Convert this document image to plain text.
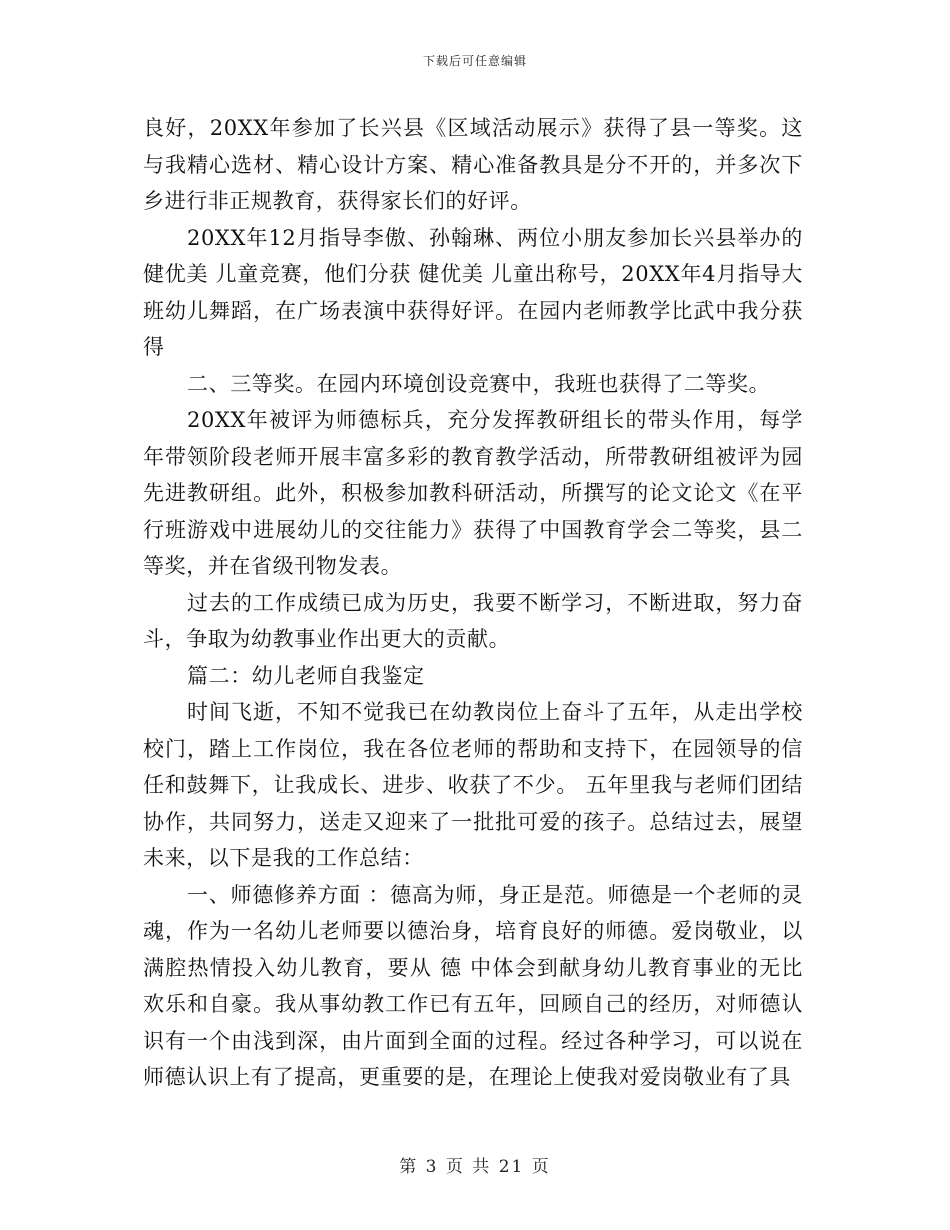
下载后可任意编辑

良好，20XX年参加了长兴县《区域活动展示》获得了县一等奖。这与我精心选材、精心设计方案、精心准备教具是分不开的，并多次下乡进行非正规教育，获得家长们的好评。

20XX年12月指导李傲、孙翰琳、两位小朋友参加长兴县举办的健优美 儿童竞赛，他们分获 健优美 儿童出称号，20XX年4月指导大班幼儿舞蹈，在广场表演中获得好评。在园内老师教学比武中我分获得

二、三等奖。在园内环境创设竞赛中，我班也获得了二等奖。

20XX年被评为师德标兵，充分发挥教研组长的带头作用，每学年带领阶段老师开展丰富多彩的教育教学活动，所带教研组被评为园先进教研组。此外，积极参加教科研活动，所撰写的论文论文《在平行班游戏中进展幼儿的交往能力》获得了中国教育学会二等奖，县二等奖，并在省级刊物发表。

过去的工作成绩已成为历史，我要不断学习，不断进取，努力奋斗，争取为幼教事业作出更大的贡献。

篇二：幼儿老师自我鉴定

时间飞逝，不知不觉我已在幼教岗位上奋斗了五年，从走出学校校门，踏上工作岗位，我在各位老师的帮助和支持下，在园领导的信任和鼓舞下，让我成长、进步、收获了不少。 五年里我与老师们团结协作，共同努力，送走又迎来了一批批可爱的孩子。总结过去，展望未来，以下是我的工作总结：

一、师德修养方面 ：德高为师，身正是范。师德是一个老师的灵魂，作为一名幼儿老师要以德治身，培育良好的师德。爱岗敬业，以满腔热情投入幼儿教育，要从 德 中体会到献身幼儿教育事业的无比欢乐和自豪。我从事幼教工作已有五年，回顾自己的经历，对师德认识有一个由浅到深，由片面到全面的过程。经过各种学习，可以说在师德认识上有了提高，更重要的是，在理论上使我对爱岗敬业有了具

第 3 页 共 21 页
